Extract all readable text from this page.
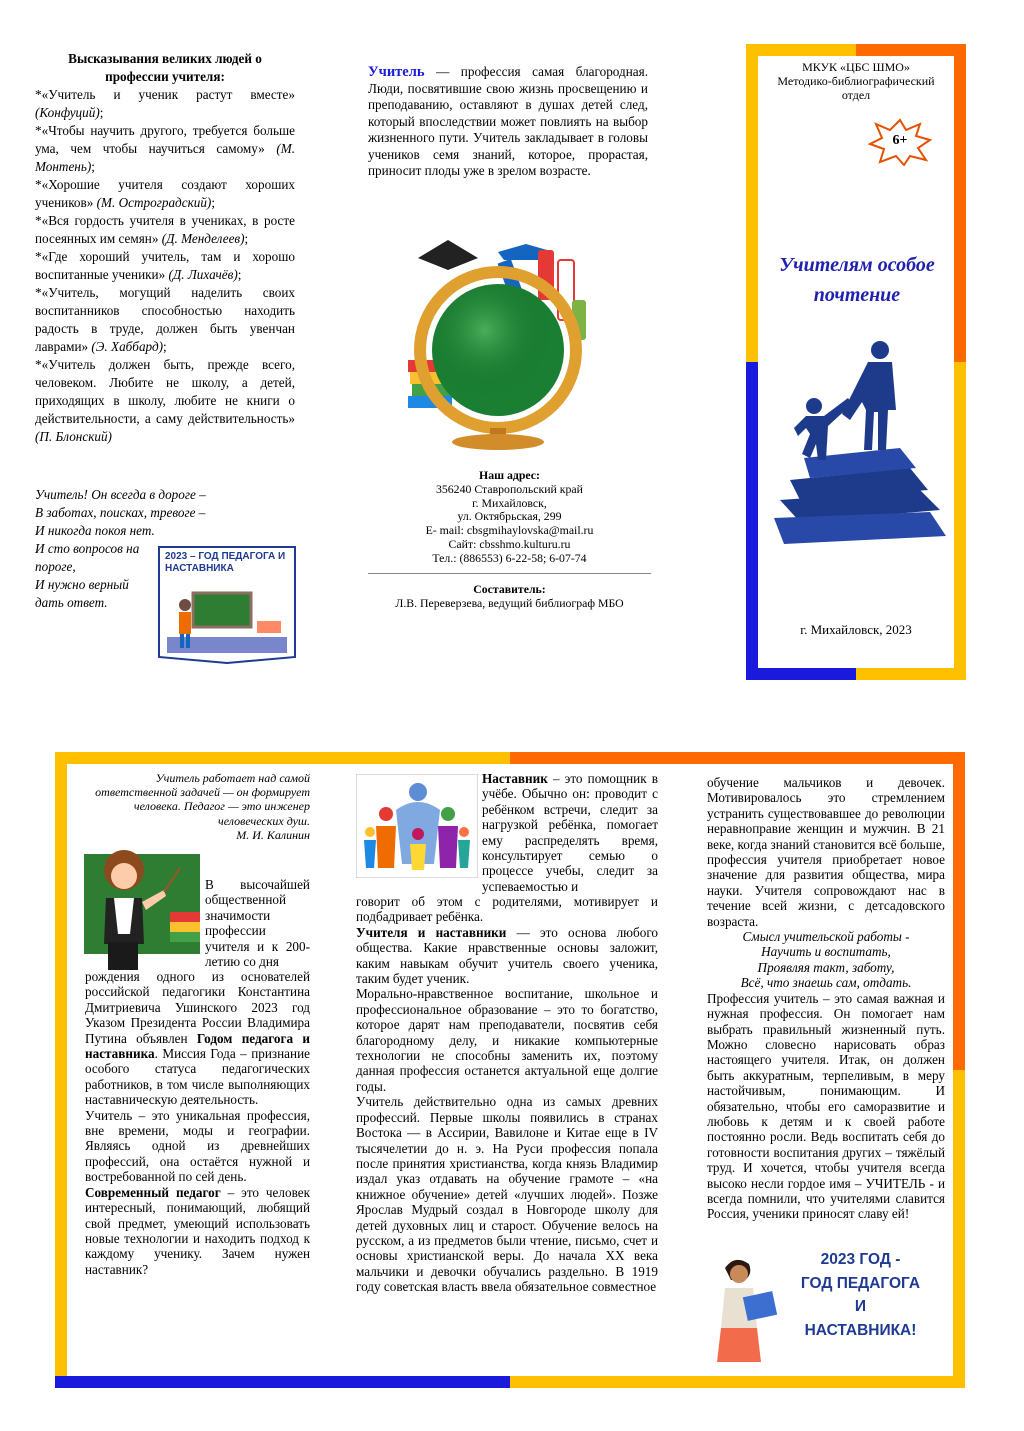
Высказывания великих людей о профессии учителя:

*«Учитель и ученик растут вместе» (Конфуций);

*«Чтобы научить другого, требуется больше ума, чем чтобы научиться самому» (М. Монтень);

*«Хорошие учителя создают хороших учеников» (М. Остроградский);

*«Вся гордость учителя в учениках, в росте посеянных им семян» (Д. Менделеев);

*«Где хороший учитель, там и хорошо воспитанные ученики» (Д. Лихачёв);

*«Учитель, могущий наделить своих воспитанников способностью находить радость в труде, должен быть увенчан лаврами» (Э. Хаббард);

*«Учитель должен быть, прежде всего, человеком. Любите не школу, а детей, приходящих в школу, любите не книги о действительности, а саму действительность» (П. Блонский)

Учитель! Он всегда в дороге –

В заботах, поисках, тревоге –

И никогда покоя нет.

И сто вопросов на

пороге,

И нужно верный

дать ответ.

2023 – ГОД ПЕДАГОГА И НАСТАВНИКА
Учитель — профессия самая благородная. Люди, посвятившие свою жизнь просвещению и преподаванию, оставляют в душах детей след, который впоследствии может повлиять на выбор жизненного пути. Учитель закладывает в головы учеников семя знаний, которое, прорастая, приносит плоды уже в зрелом возрасте.

Наш адрес:

356240 Ставропольский край

г. Михайловск,

ул. Октябрьская, 299

E- mail: cbsgmihaylovska@mail.ru

Сайт: cbsshmo.kulturu.ru

Тел.: (886553) 6-22-58; 6-07-74

Составитель:

Л.В. Переверзева, ведущий библиограф МБО

МКУК «ЦБС ШМО»

Методико-библиографический отдел

6+
Учителям особое почтение
г. Михайловск, 2023

Учитель работает над самой ответственной задачей — он формирует человека. Педагог — это инженер человеческих душ.

М. И. Калинин

В высочайшей общественной значимости профессии учителя и к 200-летию со дня

рождения одного из основателей российской педагогики Константина Дмитриевича Ушинского 2023 год Указом Президента России Владимира Путина объявлен Годом педагога и наставника. Миссия Года – признание особого статуса педагогических работников, в том числе выполняющих наставническую деятельность.

Учитель – это уникальная профессия, вне времени, моды и географии. Являясь одной из древнейших профессий, она остаётся нужной и востребованной по сей день.

Современный педагог – это человек интересный, понимающий, любящий свой предмет, умеющий использовать новые технологии и находить подход к каждому ученику. Зачем нужен наставник?

Наставник – это помощник в учёбе. Обычно он: проводит с ребёнком встречи, следит за нагрузкой ребёнка, помогает ему распределять время, консультирует семью о процессе учебы, следит за успеваемостью и

говорит об этом с родителями, мотивирует и подбадривает ребёнка.

Учителя и наставники — это основа любого общества. Какие нравственные основы заложит, каким навыкам обучит учитель своего ученика, таким будет ученик.

Морально-нравственное воспитание, школьное и профессиональное образование – это то богатство, которое дарят нам преподаватели, посвятив себя благородному делу, и никакие компьютерные технологии не способны заменить их, поэтому данная профессия останется актуальной еще долгие годы.

Учитель действительно одна из самых древних профессий. Первые школы появились в странах Востока — в Ассирии, Вавилоне и Китае еще в IV тысячелетии до н. э. На Руси профессия попала после принятия христианства, когда князь Владимир издал указ отдавать на обучение грамоте – «на книжное обучение» детей «лучших людей». Позже Ярослав Мудрый создал в Новгороде школу для детей духовных лиц и старост. Обучение велось на русском, а из предметов были чтение, письмо, счет и основы христианской веры. До начала XX века мальчики и девочки обучались раздельно. В 1919 году советская власть ввела обязательное совместное

обучение мальчиков и девочек. Мотивировалось это стремлением устранить существовавшее до революции неравноправие женщин и мужчин. В 21 веке, когда знаний становится всё больше, профессия учителя приобретает новое значение для развития общества, мира науки. Учителя сопровождают нас в течение всей жизни, с детсадовского возраста.

Смысл учительской работы -

Научить и воспитать,

Проявляя такт, заботу,

Всё, что знаешь сам, отдать.

Профессия учитель – это самая важная и нужная профессия. Он помогает нам выбрать правильный жизненный путь. Можно словесно нарисовать образ настоящего учителя. Итак, он должен быть аккуратным, терпеливым, в меру настойчивым, понимающим. И обязательно, чтобы его саморазвитие и любовь к детям и к своей работе постоянно росли. Ведь воспитать себя до готовности воспитания других – тяжёлый труд. И хочется, чтобы учителя всегда высоко несли гордое имя – УЧИТЕЛЬ - и всегда помнили, что учителями славится Россия, ученики приносят славу ей!

2023 ГОД -

ГОД ПЕДАГОГА

И

НАСТАВНИКА!
